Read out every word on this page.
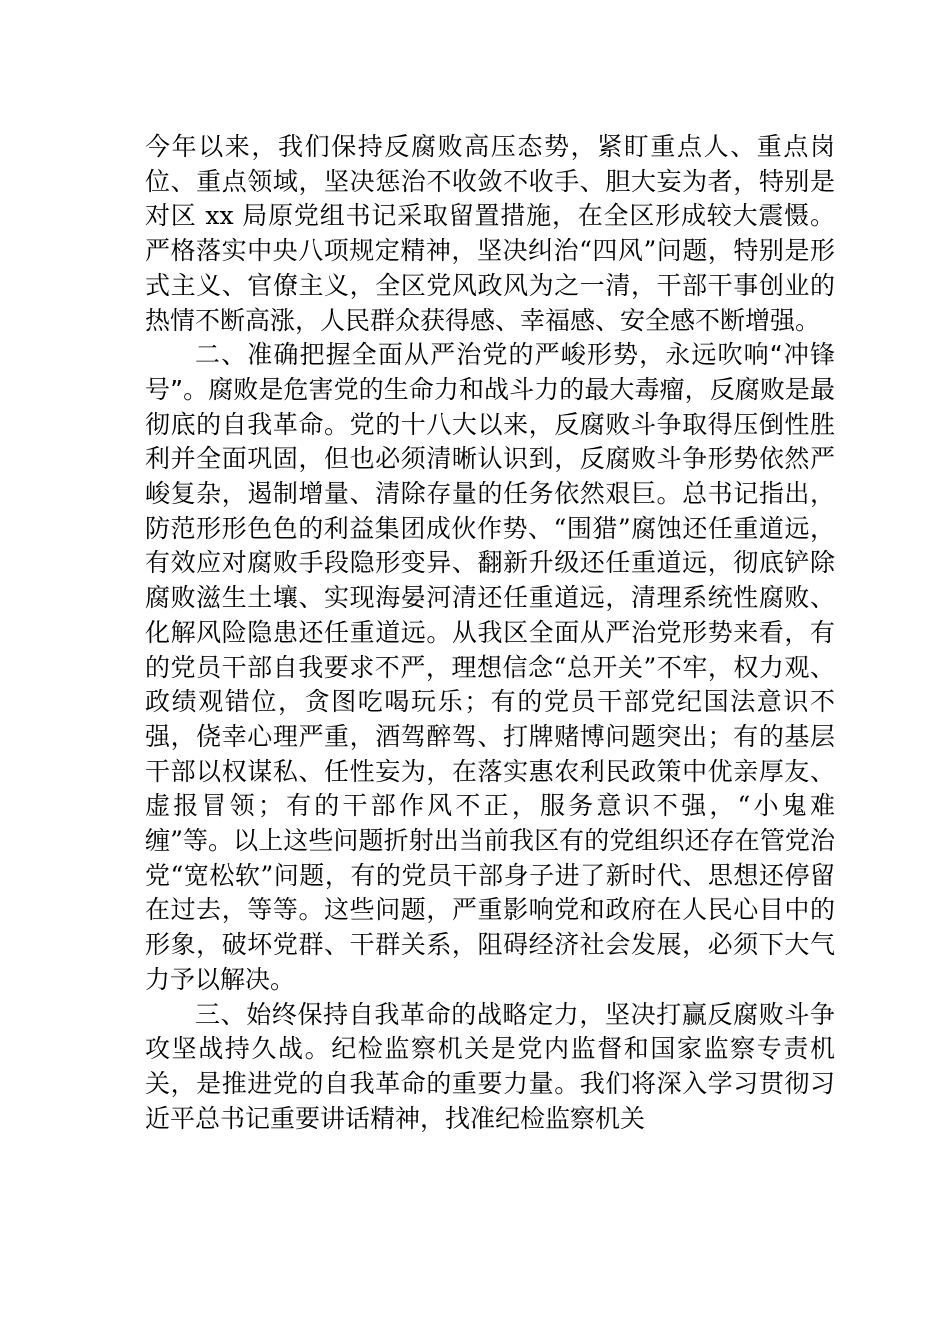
今年以来，我们保持反腐败高压态势，紧盯重点人、重点岗位、重点领域，坚决惩治不收敛不收手、胆大妄为者，特别是对区 xx 局原党组书记采取留置措施，在全区形成较大震慑。严格落实中央八项规定精神，坚决纠治“四风”问题，特别是形式主义、官僚主义，全区党风政风为之一清，干部干事创业的热情不断高涨，人民群众获得感、幸福感、安全感不断增强。

二、准确把握全面从严治党的严峻形势，永远吹响“冲锋号”。腐败是危害党的生命力和战斗力的最大毒瘤，反腐败是最彻底的自我革命。党的十八大以来，反腐败斗争取得压倒性胜利并全面巩固，但也必须清晰认识到，反腐败斗争形势依然严峻复杂，遏制增量、清除存量的任务依然艰巨。总书记指出，防范形形色色的利益集团成伙作势、“围猎”腐蚀还任重道远，有效应对腐败手段隐形变异、翻新升级还任重道远，彻底铲除腐败滋生土壤、实现海晏河清还任重道远，清理系统性腐败、化解风险隐患还任重道远。从我区全面从严治党形势来看，有的党员干部自我要求不严，理想信念“总开关”不牢，权力观、政绩观错位，贪图吃喝玩乐；有的党员干部党纪国法意识不强，侥幸心理严重，酒驾醉驾、打牌赌博问题突出；有的基层干部以权谋私、任性妄为，在落实惠农利民政策中优亲厚友、虚报冒领；有的干部作风不正，服务意识不强，“小鬼难缠”等。以上这些问题折射出当前我区有的党组织还存在管党治党“宽松软”问题，有的党员干部身子进了新时代、思想还停留在过去，等等。这些问题，严重影响党和政府在人民心目中的形象，破坏党群、干群关系，阻碍经济社会发展，必须下大气力予以解决。

三、始终保持自我革命的战略定力，坚决打赢反腐败斗争攻坚战持久战。纪检监察机关是党内监督和国家监察专责机关，是推进党的自我革命的重要力量。我们将深入学习贯彻习近平总书记重要讲话精神，找准纪检监察机关
